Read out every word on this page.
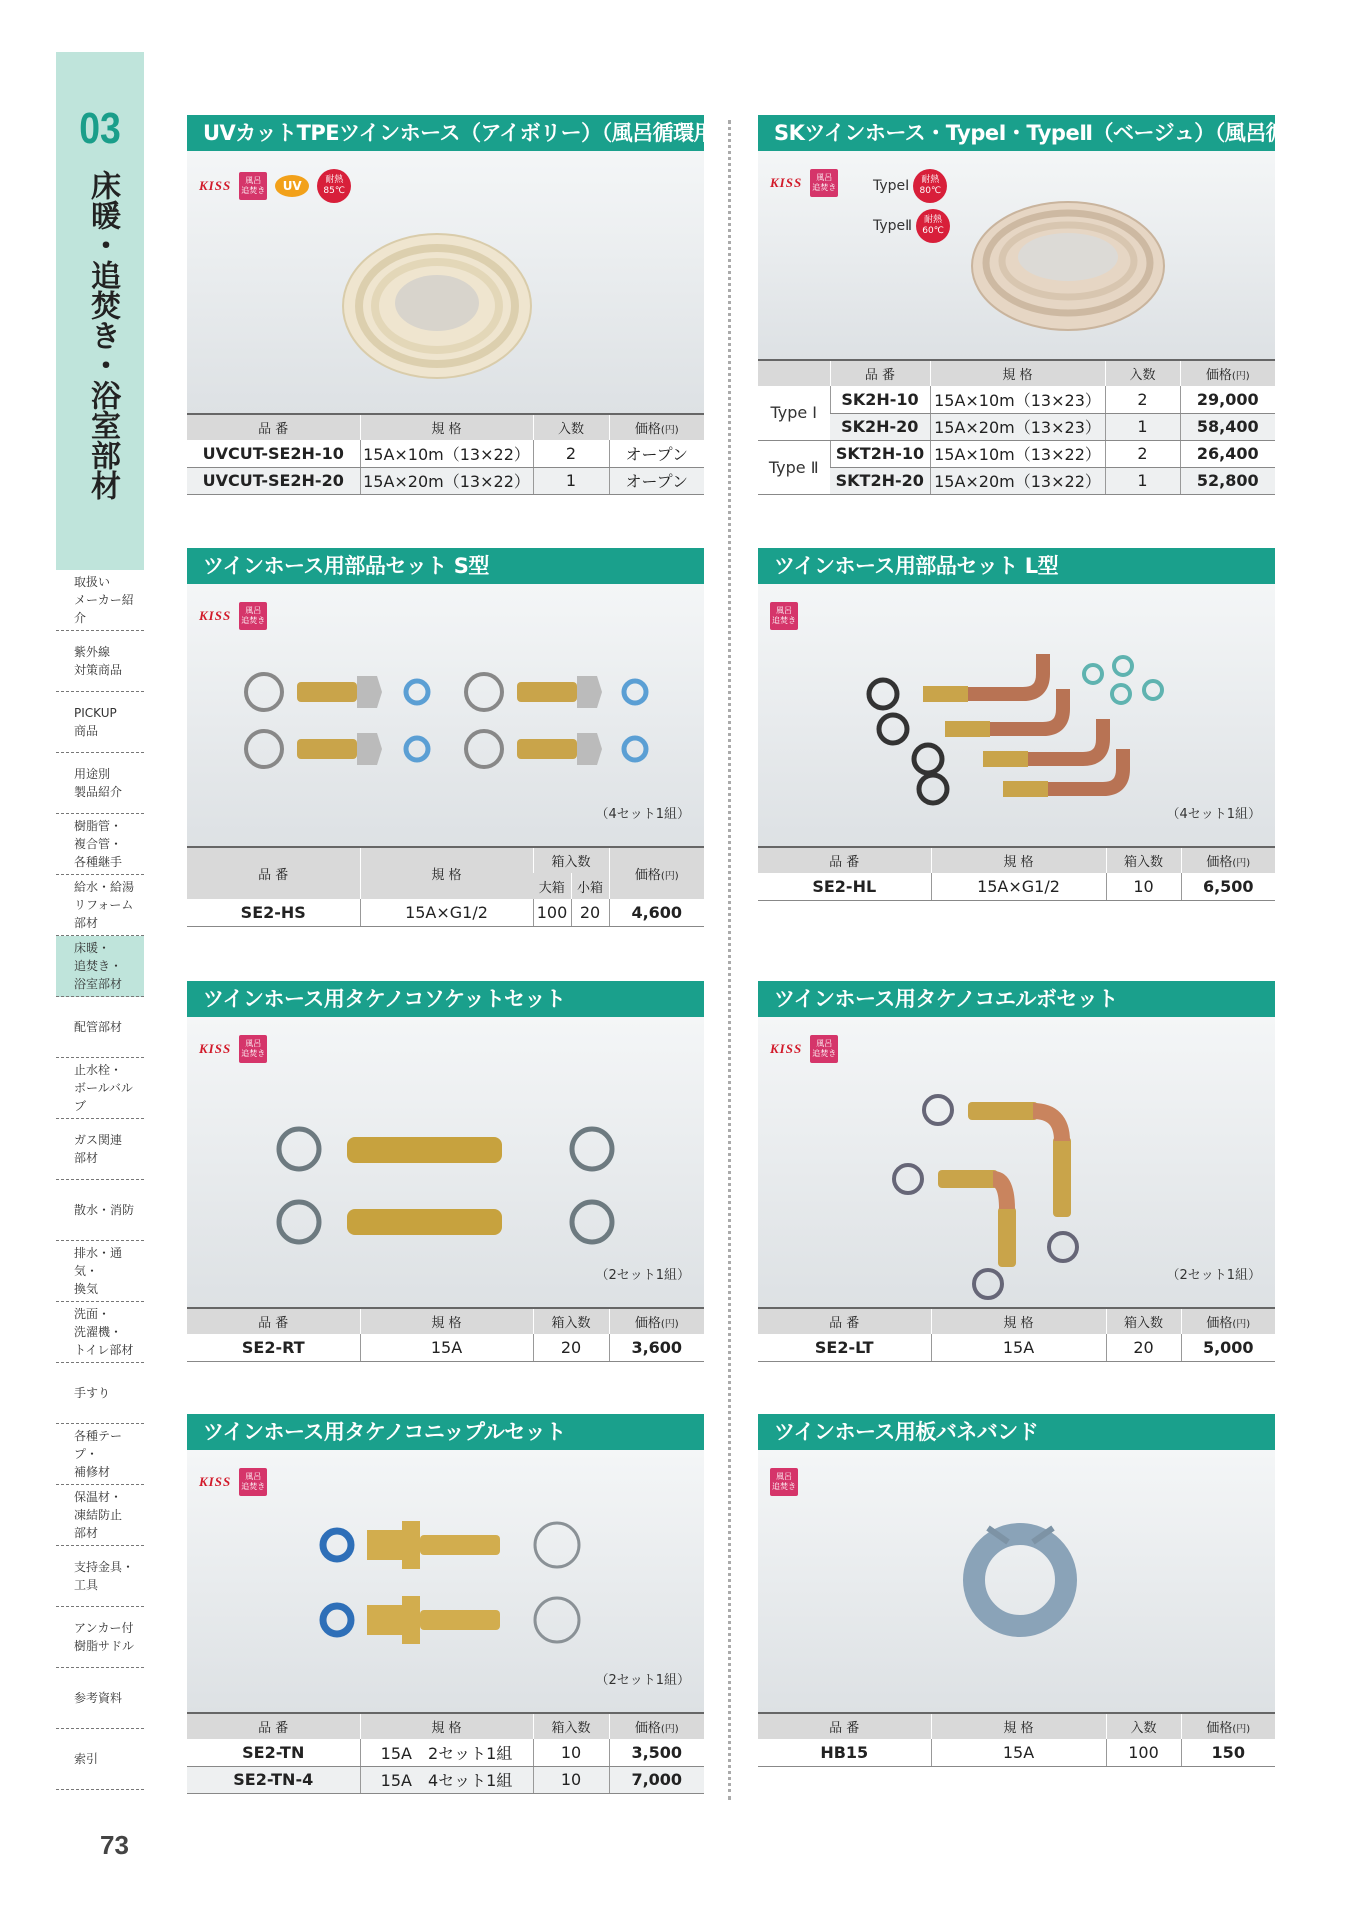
03
床暖・追焚き・浴室部材
取扱い
メーカー紹介
紫外線
対策商品
PICKUP
商品
用途別
製品紹介
樹脂管・
複合管・
各種継手
給水・給湯
リフォーム
部材
床暖・
追焚き・
浴室部材
配管部材
止水栓・
ボールバルブ
ガス関連
部材
散水・消防
排水・通気・
換気
洗面・
洗濯機・
トイレ部材
手すり
各種テープ・
補修材
保温材・
凍結防止
部材
支持金具・
工具
アンカー付
樹脂サドル
参考資料
索引
73
UVカットTPEツインホース（アイボリー）（風呂循環用）
KISS	風呂
追焚き	UV	耐熱
85℃
品 番	規 格	入数	価格(円)
UVCUT-SE2H-10	15A×10m（13×22）	2	オープン
UVCUT-SE2H-20	15A×20m（13×22）	1	オープン
SKツインホース・TypeⅠ・TypeⅡ（ベージュ）（風呂循環用）
KISS	風呂
追焚き	TypeⅠ	耐熱
80℃
TypeⅡ	耐熱
60℃
	品 番	規 格	入数	価格(円)
Type Ⅰ	SK2H-10	15A×10m（13×23）	2	29,000
	SK2H-20	15A×20m（13×23）	1	58,400
Type Ⅱ	SKT2H-10	15A×10m（13×22）	2	26,400
	SKT2H-20	15A×20m（13×22）	1	52,800
ツインホース用部品セット S型
KISS	風呂
追焚き
（4セット1組）
品 番	規 格	箱入数		価格(円)
		大箱	小箱	
SE2-HS	15A×G1/2	100	20	4,600
ツインホース用部品セット L型
風呂
追焚き
（4セット1組）
品 番	規 格	箱入数	価格(円)
SE2-HL	15A×G1/2	10	6,500
ツインホース用タケノコソケットセット
KISS	風呂
追焚き
（2セット1組）
品 番	規 格	箱入数	価格(円)
SE2-RT	15A	20	3,600
ツインホース用タケノコエルボセット
KISS	風呂
追焚き
（2セット1組）
品 番	規 格	箱入数	価格(円)
SE2-LT	15A	20	5,000
ツインホース用タケノコニップルセット
KISS	風呂
追焚き
（2セット1組）
品 番	規 格	箱入数	価格(円)
SE2-TN	15A　2セット1組	10	3,500
SE2-TN-4	15A　4セット1組	10	7,000
ツインホース用板バネバンド
風呂
追焚き
品 番	規 格	入数	価格(円)
HB15	15A	100	150
